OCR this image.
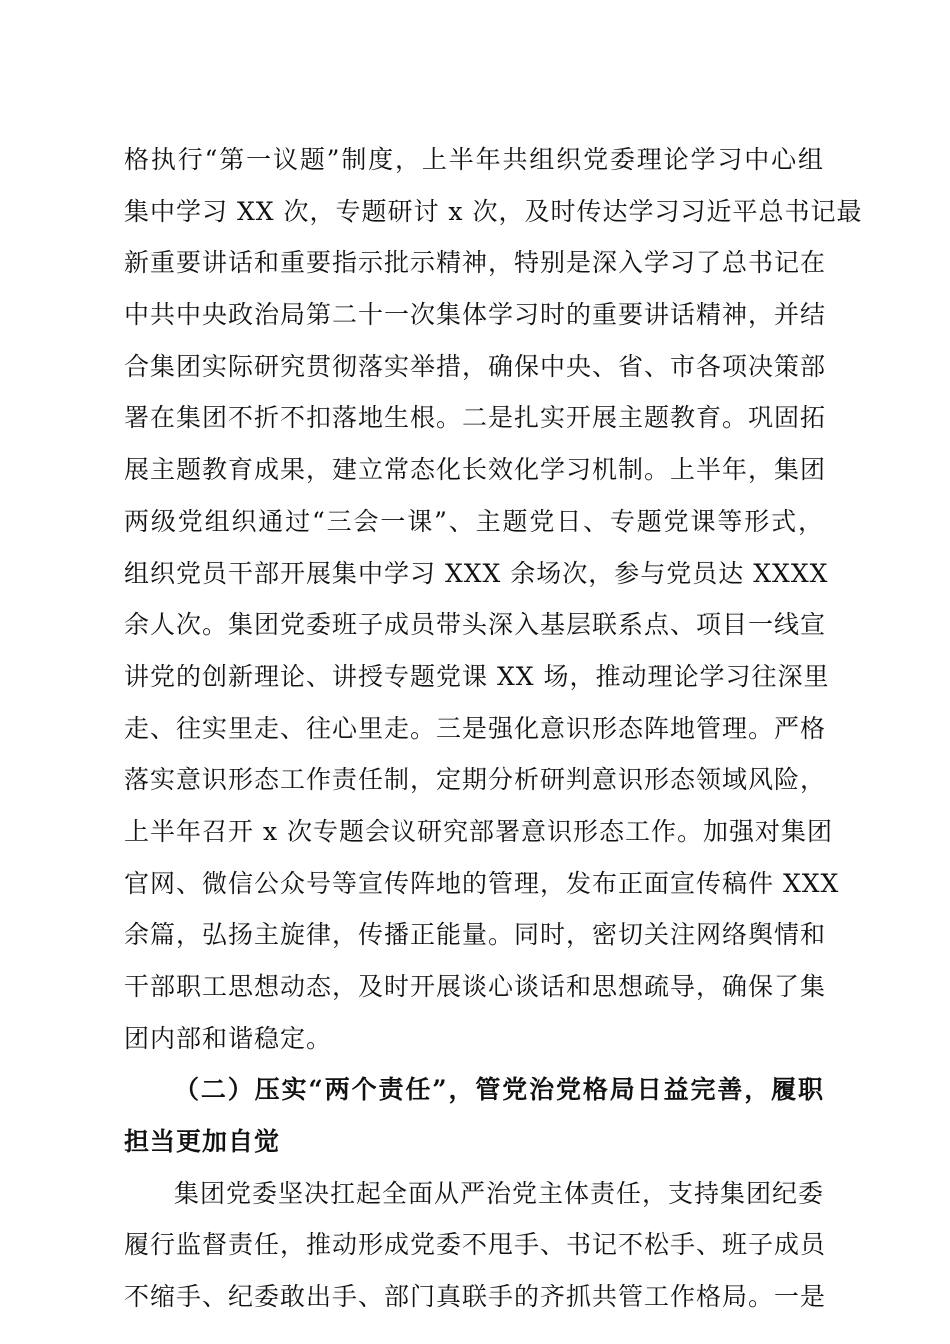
格执行“第一议题”制度，上半年共组织党委理论学习中心组
集中学习 XX 次，专题研讨 x 次，及时传达学习习近平总书记最
新重要讲话和重要指示批示精神，特别是深入学习了总书记在
中共中央政治局第二十一次集体学习时的重要讲话精神，并结
合集团实际研究贯彻落实举措，确保中央、省、市各项决策部
署在集团不折不扣落地生根。二是扎实开展主题教育。巩固拓
展主题教育成果，建立常态化长效化学习机制。上半年，集团
两级党组织通过“三会一课”、主题党日、专题党课等形式，
组织党员干部开展集中学习 XXX 余场次，参与党员达 XXXX
余人次。集团党委班子成员带头深入基层联系点、项目一线宣
讲党的创新理论、讲授专题党课 XX 场，推动理论学习往深里
走、往实里走、往心里走。三是强化意识形态阵地管理。严格
落实意识形态工作责任制，定期分析研判意识形态领域风险，
上半年召开 x 次专题会议研究部署意识形态工作。加强对集团
官网、微信公众号等宣传阵地的管理，发布正面宣传稿件 XXX
余篇，弘扬主旋律，传播正能量。同时，密切关注网络舆情和
干部职工思想动态，及时开展谈心谈话和思想疏导，确保了集
团内部和谐稳定。
（二）压实“两个责任”，管党治党格局日益完善，履职
担当更加自觉
集团党委坚决扛起全面从严治党主体责任，支持集团纪委
履行监督责任，推动形成党委不甩手、书记不松手、班子成员
不缩手、纪委敢出手、部门真联手的齐抓共管工作格局。一是
